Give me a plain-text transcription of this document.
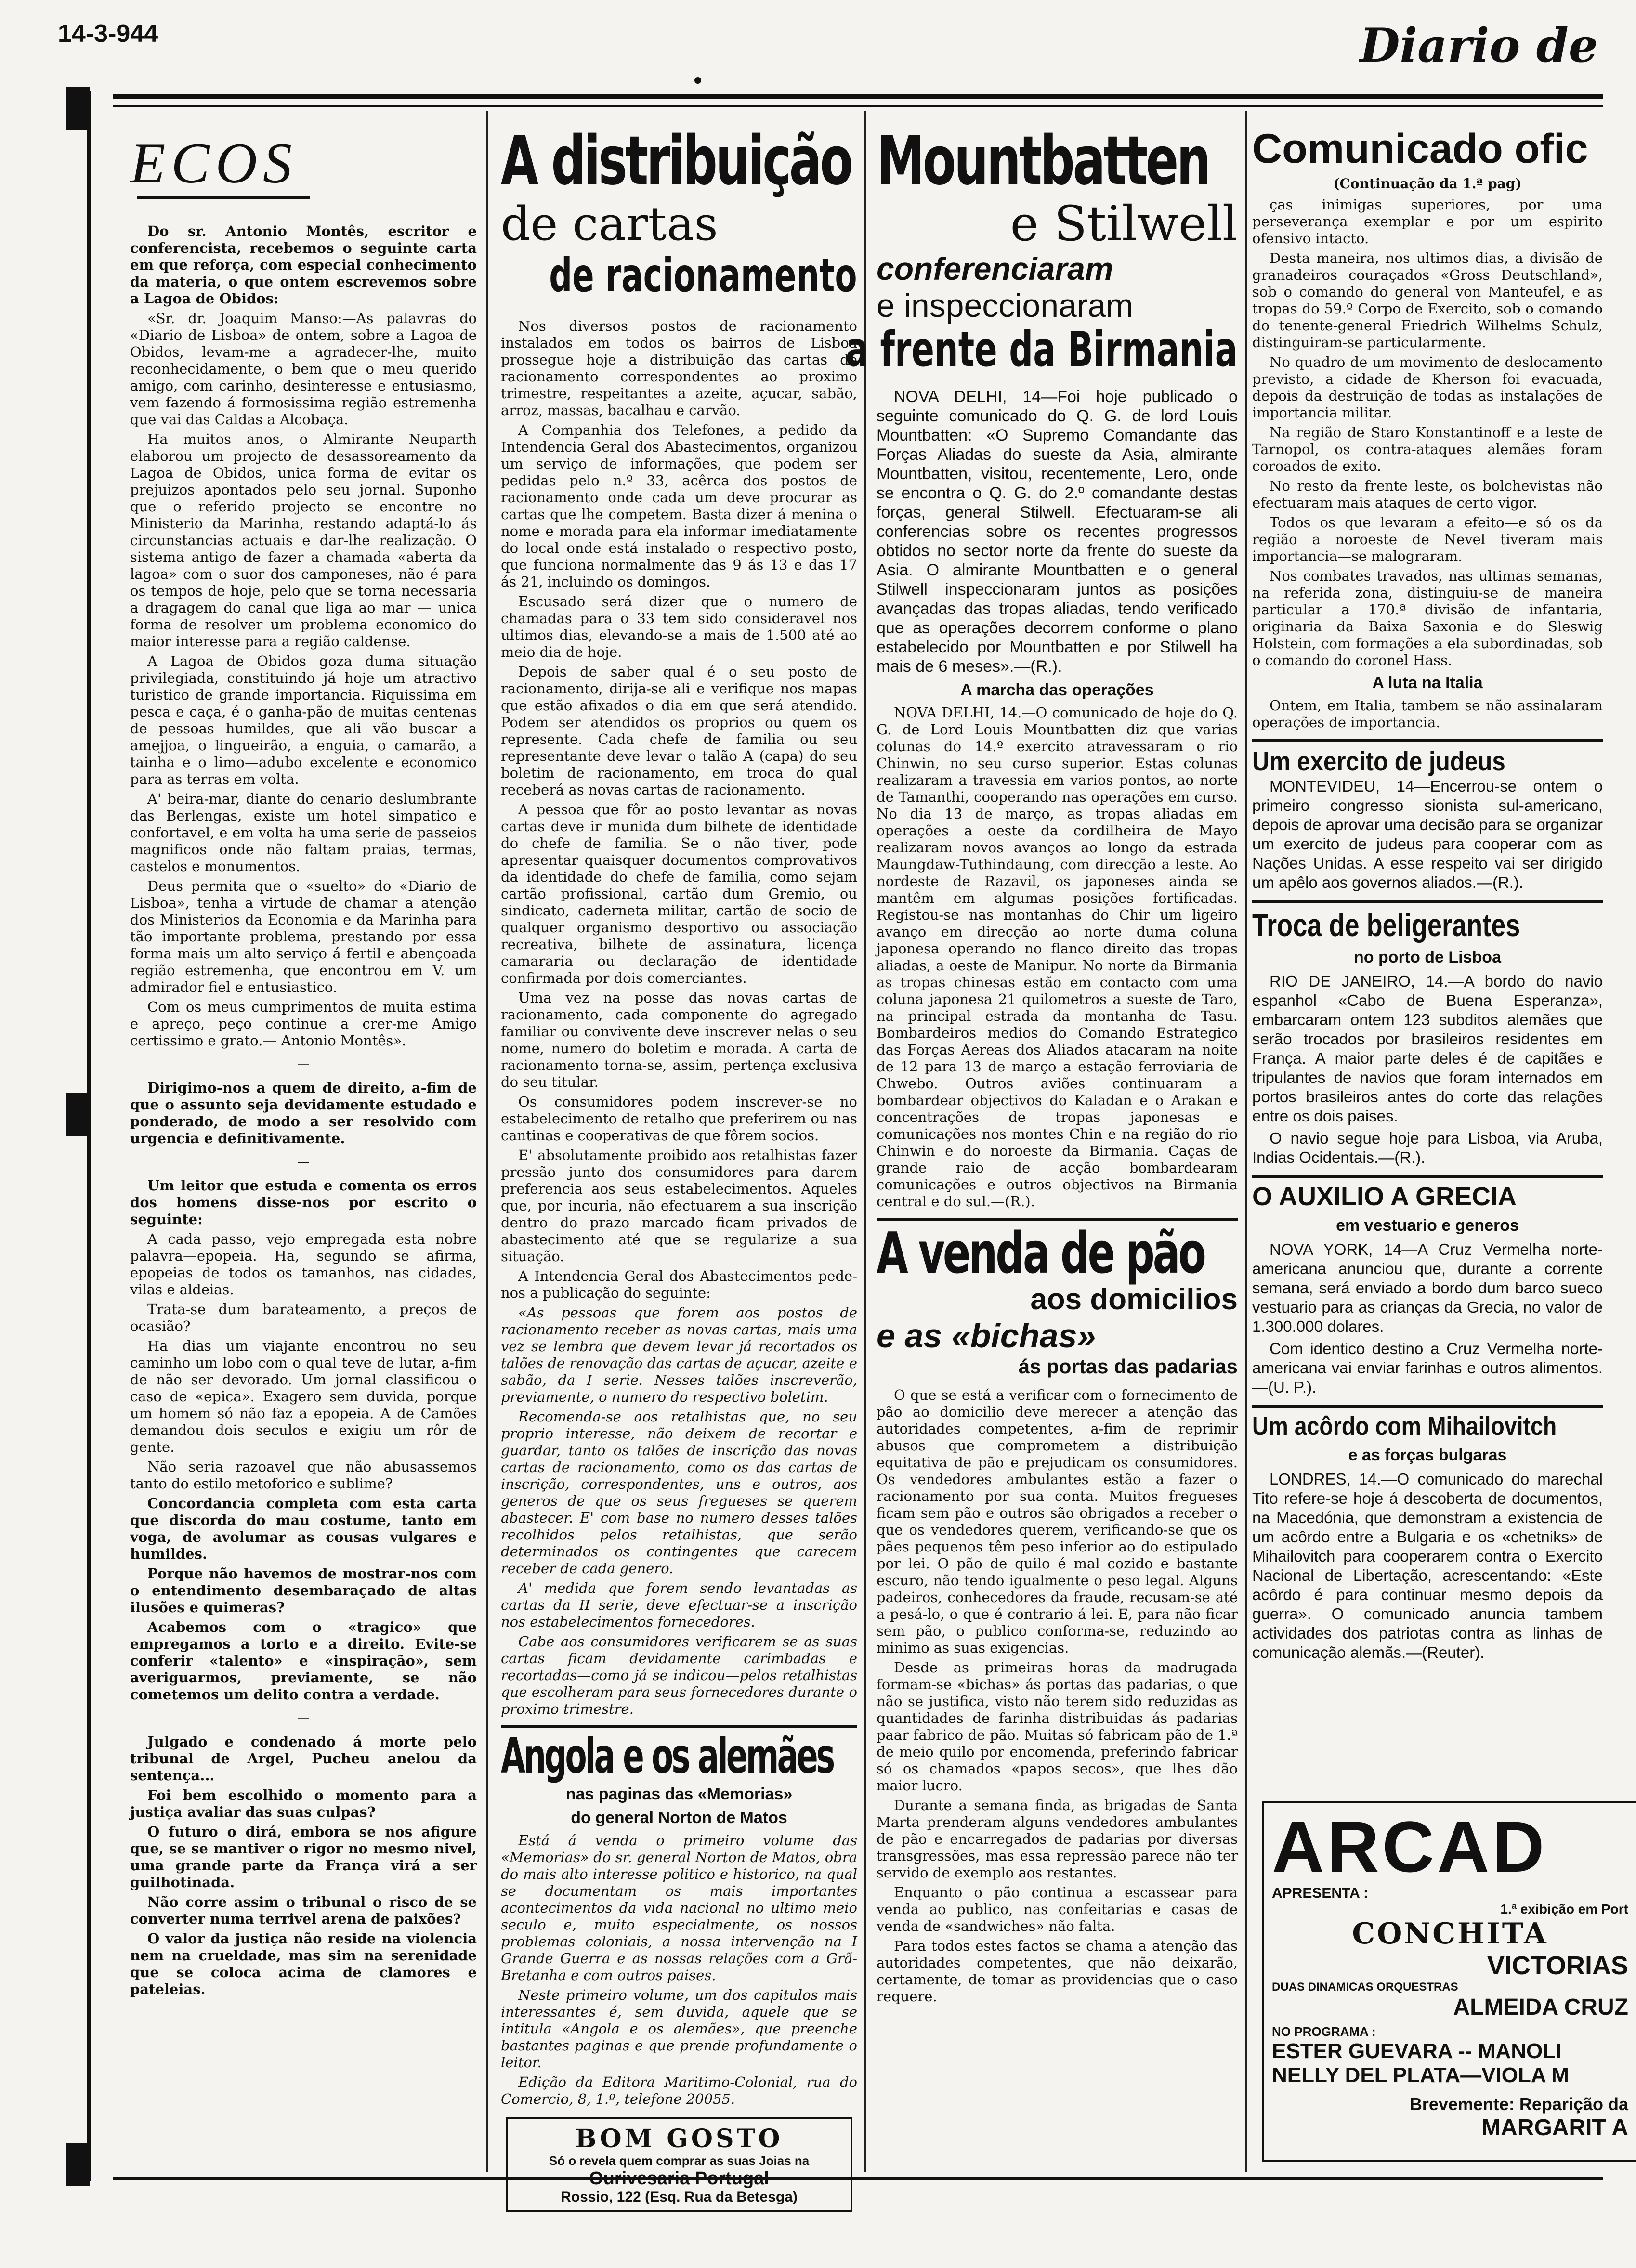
14-3-944	Diario de
ECOS

Do sr. Antonio Montês, escritor e conferencista, recebemos o seguinte carta em que reforça, com especial conhecimento da materia, o que ontem escrevemos sobre a Lagoa de Obidos:

«Sr. dr. Joaquim Manso:—As palavras do «Diario de Lisboa» de ontem, sobre a Lagoa de Obidos, levam-me a agradecer-lhe, muito reconhecidamente, o bem que o meu querido amigo, com carinho, desinteresse e entusiasmo, vem fazendo á formosissima região estremenha que vai das Caldas a Alcobaça.

Ha muitos anos, o Almirante Neuparth elaborou um projecto de desassoreamento da Lagoa de Obidos, unica forma de evitar os prejuizos apontados pelo seu jornal. Suponho que o referido projecto se encontre no Ministerio da Marinha, restando adaptá-lo ás circunstancias actuais e dar-lhe realização. O sistema antigo de fazer a chamada «aberta da lagoa» com o suor dos camponeses, não é para os tempos de hoje, pelo que se torna necessaria a dragagem do canal que liga ao mar — unica forma de resolver um problema economico do maior interesse para a região caldense.

A Lagoa de Obidos goza duma situação privilegiada, constituindo já hoje um atractivo turistico de grande importancia. Riquissima em pesca e caça, é o ganha-pão de muitas centenas de pessoas humildes, que ali vão buscar a amejjoa, o lingueirão, a enguia, o camarão, a tainha e o limo—adubo excelente e economico para as terras em volta.

A' beira-mar, diante do cenario deslumbrante das Berlengas, existe um hotel simpatico e confortavel, e em volta ha uma serie de passeios magnificos onde não faltam praias, termas, castelos e monumentos.

Deus permita que o «suelto» do «Diario de Lisboa», tenha a virtude de chamar a atenção dos Ministerios da Economia e da Marinha para tão importante problema, prestando por essa forma mais um alto serviço á fertil e abençoada região estremenha, que encontrou em V. um admirador fiel e entusiastico.

Com os meus cumprimentos de muita estima e apreço, peço continue a crer-me Amigo certissimo e grato.— Antonio Montês».

—

Dirigimo-nos a quem de direito, a-fim de que o assunto seja devidamente estudado e ponderado, de modo a ser resolvido com urgencia e definitivamente.

—

Um leitor que estuda e comenta os erros dos homens disse-nos por escrito o seguinte:

A cada passo, vejo empregada esta nobre palavra—epopeia. Ha, segundo se afirma, epopeias de todos os tamanhos, nas cidades, vilas e aldeias.

Trata-se dum barateamento, a preços de ocasião?

Ha dias um viajante encontrou no seu caminho um lobo com o qual teve de lutar, a-fim de não ser devorado. Um jornal classificou o caso de «epica». Exagero sem duvida, porque um homem só não faz a epopeia. A de Camões demandou dois seculos e exigiu um rôr de gente.

Não seria razoavel que não abusassemos tanto do estilo metoforico e sublime?

Concordancia completa com esta carta que discorda do mau costume, tanto em voga, de avolumar as cousas vulgares e humildes.

Porque não havemos de mostrar-nos com o entendimento desembaraçado de altas ilusões e quimeras?

Acabemos com o «tragico» que empregamos a torto e a direito. Evite-se conferir «talento» e «inspiração», sem averiguarmos, previamente, se não cometemos um delito contra a verdade.

—

Julgado e condenado á morte pelo tribunal de Argel, Pucheu anelou da sentença...

Foi bem escolhido o momento para a justiça avaliar das suas culpas?

O futuro o dirá, embora se nos afigure que, se se mantiver o rigor no mesmo nivel, uma grande parte da França virá a ser guilhotinada.

Não corre assim o tribunal o risco de se converter numa terrivel arena de paixões?

O valor da justiça não reside na violencia nem na crueldade, mas sim na serenidade que se coloca acima de clamores e pateleias.

A distribuição
de cartas
de racionamento

Nos diversos postos de racionamento instalados em todos os bairros de Lisboa prossegue hoje a distribuição das cartas de racionamento correspondentes ao proximo trimestre, respeitantes a azeite, açucar, sabão, arroz, massas, bacalhau e carvão.

A Companhia dos Telefones, a pedido da Intendencia Geral dos Abastecimentos, organizou um serviço de informações, que podem ser pedidas pelo n.º 33, acêrca dos postos de racionamento onde cada um deve procurar as cartas que lhe competem. Basta dizer á menina o nome e morada para ela informar imediatamente do local onde está instalado o respectivo posto, que funciona normalmente das 9 ás 13 e das 17 ás 21, incluindo os domingos.

Escusado será dizer que o numero de chamadas para o 33 tem sido consideravel nos ultimos dias, elevando-se a mais de 1.500 até ao meio dia de hoje.

Depois de saber qual é o seu posto de racionamento, dirija-se ali e verifique nos mapas que estão afixados o dia em que será atendido. Podem ser atendidos os proprios ou quem os represente. Cada chefe de familia ou seu representante deve levar o talão A (capa) do seu boletim de racionamento, em troca do qual receberá as novas cartas de racionamento.

A pessoa que fôr ao posto levantar as novas cartas deve ir munida dum bilhete de identidade do chefe de familia. Se o não tiver, pode apresentar quaisquer documentos comprovativos da identidade do chefe de familia, como sejam cartão profissional, cartão dum Gremio, ou sindicato, caderneta militar, cartão de socio de qualquer organismo desportivo ou associação recreativa, bilhete de assinatura, licença camararia ou declaração de identidade confirmada por dois comerciantes.

Uma vez na posse das novas cartas de racionamento, cada componente do agregado familiar ou convivente deve inscrever nelas o seu nome, numero do boletim e morada. A carta de racionamento torna-se, assim, pertença exclusiva do seu titular.

Os consumidores podem inscrever-se no estabelecimento de retalho que preferirem ou nas cantinas e cooperativas de que fôrem socios.

E' absolutamente proibido aos retalhistas fazer pressão junto dos consumidores para darem preferencia aos seus estabelecimentos. Aqueles que, por incuria, não efectuarem a sua inscrição dentro do prazo marcado ficam privados de abastecimento até que se regularize a sua situação.

A Intendencia Geral dos Abastecimentos pede-nos a publicação do seguinte:

«As pessoas que forem aos postos de racionamento receber as novas cartas, mais uma vez se lembra que devem levar já recortados os talões de renovação das cartas de açucar, azeite e sabão, da I serie. Nesses talões inscreverão, previamente, o numero do respectivo boletim.

Recomenda-se aos retalhistas que, no seu proprio interesse, não deixem de recortar e guardar, tanto os talões de inscrição das novas cartas de racionamento, como os das cartas de inscrição, correspondentes, uns e outros, aos generos de que os seus fregueses se querem abastecer. E' com base no numero desses talões recolhidos pelos retalhistas, que serão determinados os contingentes que carecem receber de cada genero.

A' medida que forem sendo levantadas as cartas da II serie, deve efectuar-se a inscrição nos estabelecimentos fornecedores.

Cabe aos consumidores verificarem se as suas cartas ficam devidamente carimbadas e recortadas—como já se indicou—pelos retalhistas que escolheram para seus fornecedores durante o proximo trimestre.

Angola e os alemães
nas paginas das «Memorias»
do general Norton de Matos

Está á venda o primeiro volume das «Memorias» do sr. general Norton de Matos, obra do mais alto interesse politico e historico, na qual se documentam os mais importantes acontecimentos da vida nacional no ultimo meio seculo e, muito especialmente, os nossos problemas coloniais, a nossa intervenção na I Grande Guerra e as nossas relações com a Grã-Bretanha e com outros paises.

Neste primeiro volume, um dos capitulos mais interessantes é, sem duvida, aquele que se intitula «Angola e os alemães», que preenche bastantes paginas e que prende profundamente o leitor.

Edição da Editora Maritimo-Colonial, rua do Comercio, 8, 1.º, telefone 20055.

BOM GOSTO
Só o revela quem comprar as suas Joias na
Ourivesaria Portugal
Rossio, 122 (Esq. Rua da Betesga)
Mountbatten
e Stilwell
conferenciaram
e inspeccionaram
a frente da Birmania

NOVA DELHI, 14—Foi hoje publicado o seguinte comunicado do Q. G. de lord Louis Mountbatten: «O Supremo Comandante das Forças Aliadas do sueste da Asia, almirante Mountbatten, visitou, recentemente, Lero, onde se encontra o Q. G. do 2.º comandante destas forças, general Stilwell. Efectuaram-se ali conferencias sobre os recentes progressos obtidos no sector norte da frente do sueste da Asia. O almirante Mountbatten e o general Stilwell inspeccionaram juntos as posições avançadas das tropas aliadas, tendo verificado que as operações decorrem conforme o plano estabelecido por Mountbatten e por Stilwell ha mais de 6 meses».—(R.).

A marcha das operações

NOVA DELHI, 14.—O comunicado de hoje do Q. G. de Lord Louis Mountbatten diz que varias colunas do 14.º exercito atravessaram o rio Chinwin, no seu curso superior. Estas colunas realizaram a travessia em varios pontos, ao norte de Tamanthi, cooperando nas operações em curso. No dia 13 de março, as tropas aliadas em operações a oeste da cordilheira de Mayo realizaram novos avanços ao longo da estrada Maungdaw-Tuthindaung, com direcção a leste. Ao nordeste de Razavil, os japoneses ainda se mantêm em algumas posições fortificadas. Registou-se nas montanhas do Chir um ligeiro avanço em direcção ao norte duma coluna japonesa operando no flanco direito das tropas aliadas, a oeste de Manipur. No norte da Birmania as tropas chinesas estão em contacto com uma coluna japonesa 21 quilometros a sueste de Taro, na principal estrada da montanha de Tasu. Bombardeiros medios do Comando Estrategico das Forças Aereas dos Aliados atacaram na noite de 12 para 13 de março a estação ferroviaria de Chwebo. Outros aviões continuaram a bombardear objectivos do Kaladan e o Arakan e concentrações de tropas japonesas e comunicações nos montes Chin e na região do rio Chinwin e do noroeste da Birmania. Caças de grande raio de acção bombardearam comunicações e outros objectivos na Birmania central e do sul.—(R.).

A venda de pão
aos domicilios
e as «bichas»
ás portas das padarias

O que se está a verificar com o fornecimento de pão ao domicilio deve merecer a atenção das autoridades competentes, a-fim de reprimir abusos que comprometem a distribuição equitativa de pão e prejudicam os consumidores. Os vendedores ambulantes estão a fazer o racionamento por sua conta. Muitos fregueses ficam sem pão e outros são obrigados a receber o que os vendedores querem, verificando-se que os pães pequenos têm peso inferior ao do estipulado por lei. O pão de quilo é mal cozido e bastante escuro, não tendo igualmente o peso legal. Alguns padeiros, conhecedores da fraude, recusam-se até a pesá-lo, o que é contrario á lei. E, para não ficar sem pão, o publico conforma-se, reduzindo ao minimo as suas exigencias.

Desde as primeiras horas da madrugada formam-se «bichas» ás portas das padarias, o que não se justifica, visto não terem sido reduzidas as quantidades de farinha distribuidas ás padarias paar fabrico de pão. Muitas só fabricam pão de 1.ª de meio quilo por encomenda, preferindo fabricar só os chamados «papos secos», que lhes dão maior lucro.

Durante a semana finda, as brigadas de Santa Marta prenderam alguns vendedores ambulantes de pão e encarregados de padarias por diversas transgressões, mas essa repressão parece não ter servido de exemplo aos restantes.

Enquanto o pão continua a escassear para venda ao publico, nas confeitarias e casas de venda de «sandwiches» não falta.

Para todos estes factos se chama a atenção das autoridades competentes, que não deixarão, certamente, de tomar as providencias que o caso requere.

Comunicado ofic
(Continuação da 1.ª pag)

ças inimigas superiores, por uma perseverança exemplar e por um espirito ofensivo intacto.

Desta maneira, nos ultimos dias, a divisão de granadeiros couraçados «Gross Deutschland», sob o comando do general von Manteufel, e as tropas do 59.º Corpo de Exercito, sob o comando do tenente-general Friedrich Wilhelms Schulz, distinguiram-se particularmente.

No quadro de um movimento de deslocamento previsto, a cidade de Kherson foi evacuada, depois da destruição de todas as instalações de importancia militar.

Na região de Staro Konstantinoff e a leste de Tarnopol, os contra-ataques alemães foram coroados de exito.

No resto da frente leste, os bolchevistas não efectuaram mais ataques de certo vigor.

Todos os que levaram a efeito—e só os da região a noroeste de Nevel tiveram mais importancia—se malograram.

Nos combates travados, nas ultimas semanas, na referida zona, distinguiu-se de maneira particular a 170.ª divisão de infantaria, originaria da Baixa Saxonia e do Sleswig Holstein, com formações a ela subordinadas, sob o comando do coronel Hass.

A luta na Italia

Ontem, em Italia, tambem se não assinalaram operações de importancia.

Um exercito de judeus

MONTEVIDEU, 14—Encerrou-se ontem o primeiro congresso sionista sul-americano, depois de aprovar uma decisão para se organizar um exercito de judeus para cooperar com as Nações Unidas. A esse respeito vai ser dirigido um apêlo aos governos aliados.—(R.).

Troca de beligerantes
no porto de Lisboa

RIO DE JANEIRO, 14.—A bordo do navio espanhol «Cabo de Buena Esperanza», embarcaram ontem 123 subditos alemães que serão trocados por brasileiros residentes em França. A maior parte deles é de capitães e tripulantes de navios que foram internados em portos brasileiros antes do corte das relações entre os dois paises.

O navio segue hoje para Lisboa, via Aruba, Indias Ocidentais.—(R.).

O AUXILIO A GRECIA
em vestuario e generos

NOVA YORK, 14—A Cruz Vermelha norte-americana anunciou que, durante a corrente semana, será enviado a bordo dum barco sueco vestuario para as crianças da Grecia, no valor de 1.300.000 dolares.

Com identico destino a Cruz Vermelha norte-americana vai enviar farinhas e outros alimentos.—(U. P.).

Um acôrdo com Mihailovitch
e as forças bulgaras

LONDRES, 14.—O comunicado do marechal Tito refere-se hoje á descoberta de documentos, na Macedónia, que demonstram a existencia de um acôrdo entre a Bulgaria e os «chetniks» de Mihailovitch para cooperarem contra o Exercito Nacional de Libertação, acrescentando: «Este acôrdo é para continuar mesmo depois da guerra». O comunicado anuncia tambem actividades dos patriotas contra as linhas de comunicação alemãs.—(Reuter).

ARCAD
APRESENTA :
1.ª exibição em Port
CONCHITA
VICTORIAS
DUAS DINAMICAS ORQUESTRAS
ALMEIDA CRUZ
NO PROGRAMA :
ESTER GUEVARA -- MANOLI
NELLY DEL PLATA—VIOLA M
Brevemente: Reparição da
MARGARIT A
